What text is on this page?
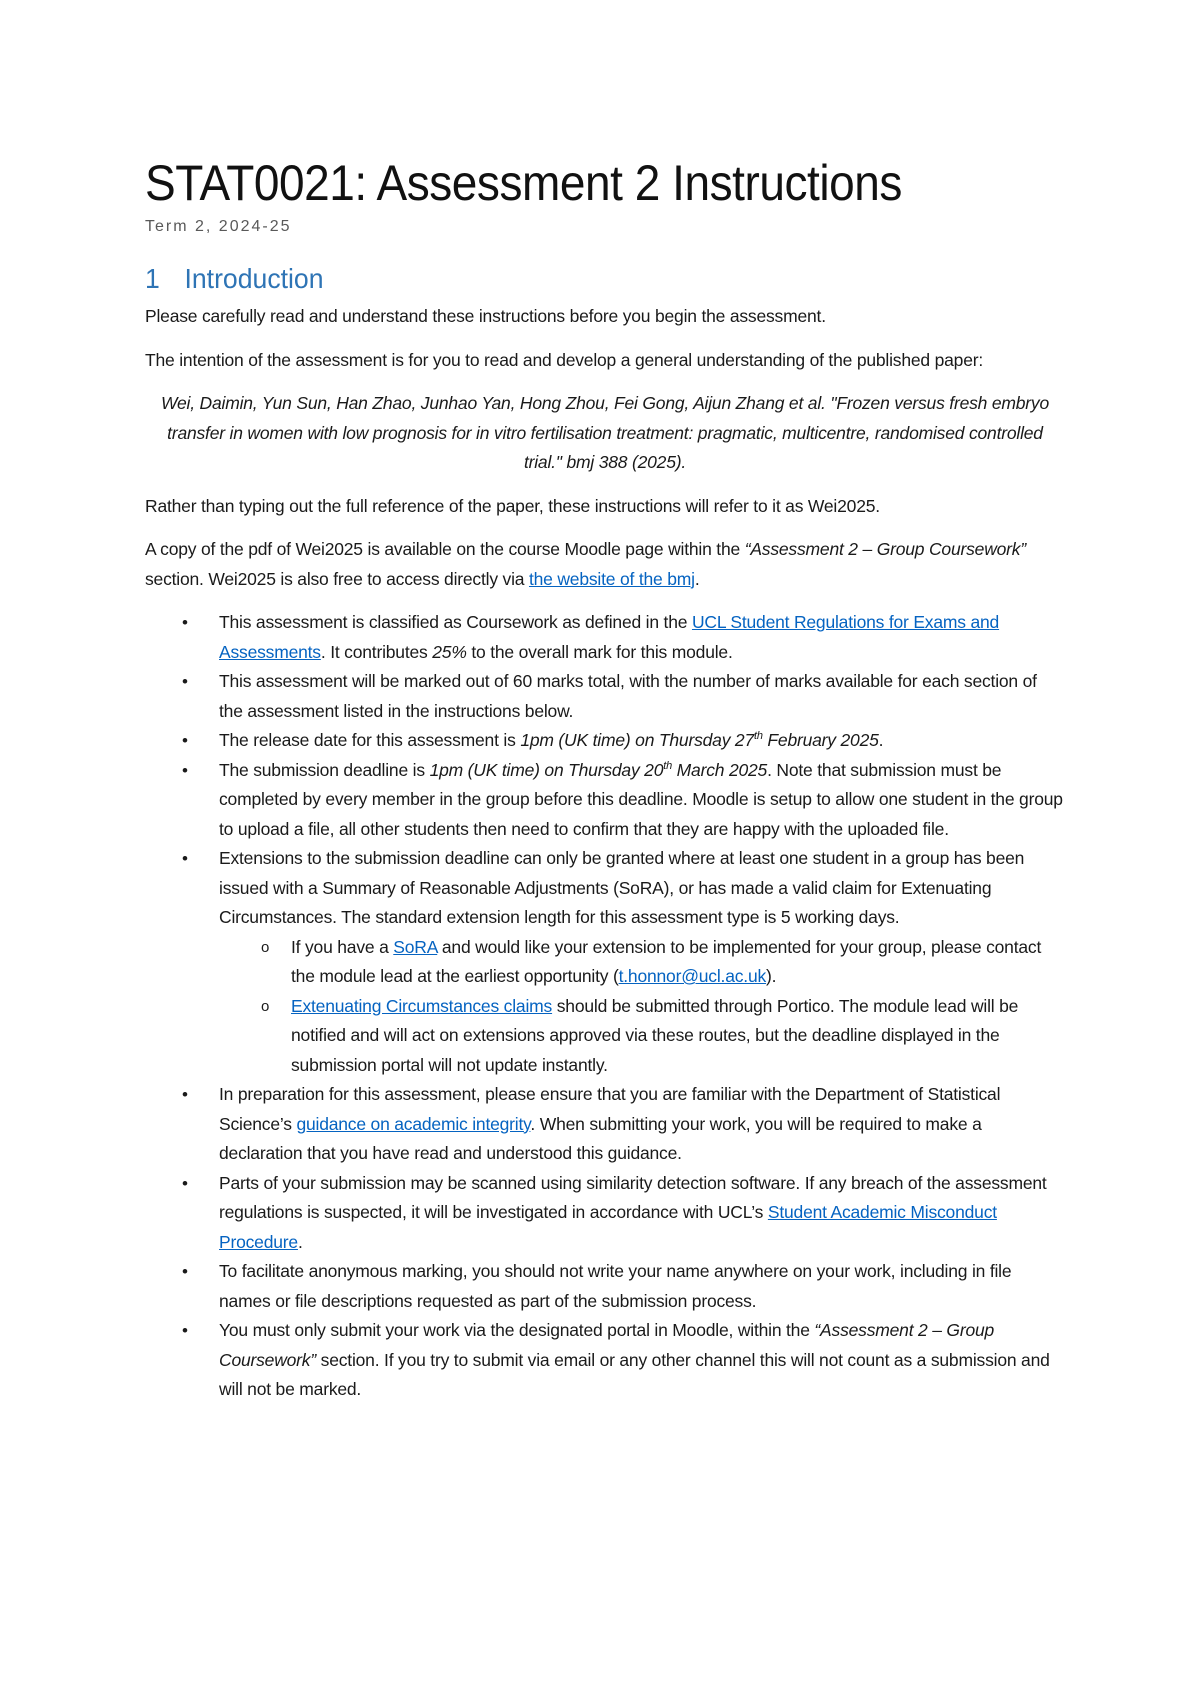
STAT0021: Assessment 2 Instructions

Term 2, 2024-25

1 Introduction

Please carefully read and understand these instructions before you begin the assessment.

The intention of the assessment is for you to read and develop a general understanding of the published paper:

Wei, Daimin, Yun Sun, Han Zhao, Junhao Yan, Hong Zhou, Fei Gong, Aijun Zhang et al. "Frozen versus fresh embryo transfer in women with low prognosis for in vitro fertilisation treatment: pragmatic, multicentre, randomised controlled trial." bmj 388 (2025).

Rather than typing out the full reference of the paper, these instructions will refer to it as Wei2025.

A copy of the pdf of Wei2025 is available on the course Moodle page within the “Assessment 2 – Group Coursework” section. Wei2025 is also free to access directly via the website of the bmj.

• This assessment is classified as Coursework as defined in the UCL Student Regulations for Exams and Assessments. It contributes 25% to the overall mark for this module.
• This assessment will be marked out of 60 marks total, with the number of marks available for each section of the assessment listed in the instructions below.
• The release date for this assessment is 1pm (UK time) on Thursday 27th February 2025.
• The submission deadline is 1pm (UK time) on Thursday 20th March 2025. Note that submission must be completed by every member in the group before this deadline. Moodle is setup to allow one student in the group to upload a file, all other students then need to confirm that they are happy with the uploaded file.
• Extensions to the submission deadline can only be granted where at least one student in a group has been issued with a Summary of Reasonable Adjustments (SoRA), or has made a valid claim for Extenuating Circumstances. The standard extension length for this assessment type is 5 working days.
o If you have a SoRA and would like your extension to be implemented for your group, please contact the module lead at the earliest opportunity (t.honnor@ucl.ac.uk).
o Extenuating Circumstances claims should be submitted through Portico. The module lead will be notified and will act on extensions approved via these routes, but the deadline displayed in the submission portal will not update instantly.
• In preparation for this assessment, please ensure that you are familiar with the Department of Statistical Science’s guidance on academic integrity. When submitting your work, you will be required to make a declaration that you have read and understood this guidance.
• Parts of your submission may be scanned using similarity detection software. If any breach of the assessment regulations is suspected, it will be investigated in accordance with UCL’s Student Academic Misconduct Procedure.
• To facilitate anonymous marking, you should not write your name anywhere on your work, including in file names or file descriptions requested as part of the submission process.
• You must only submit your work via the designated portal in Moodle, within the “Assessment 2 – Group Coursework” section. If you try to submit via email or any other channel this will not count as a submission and will not be marked.
